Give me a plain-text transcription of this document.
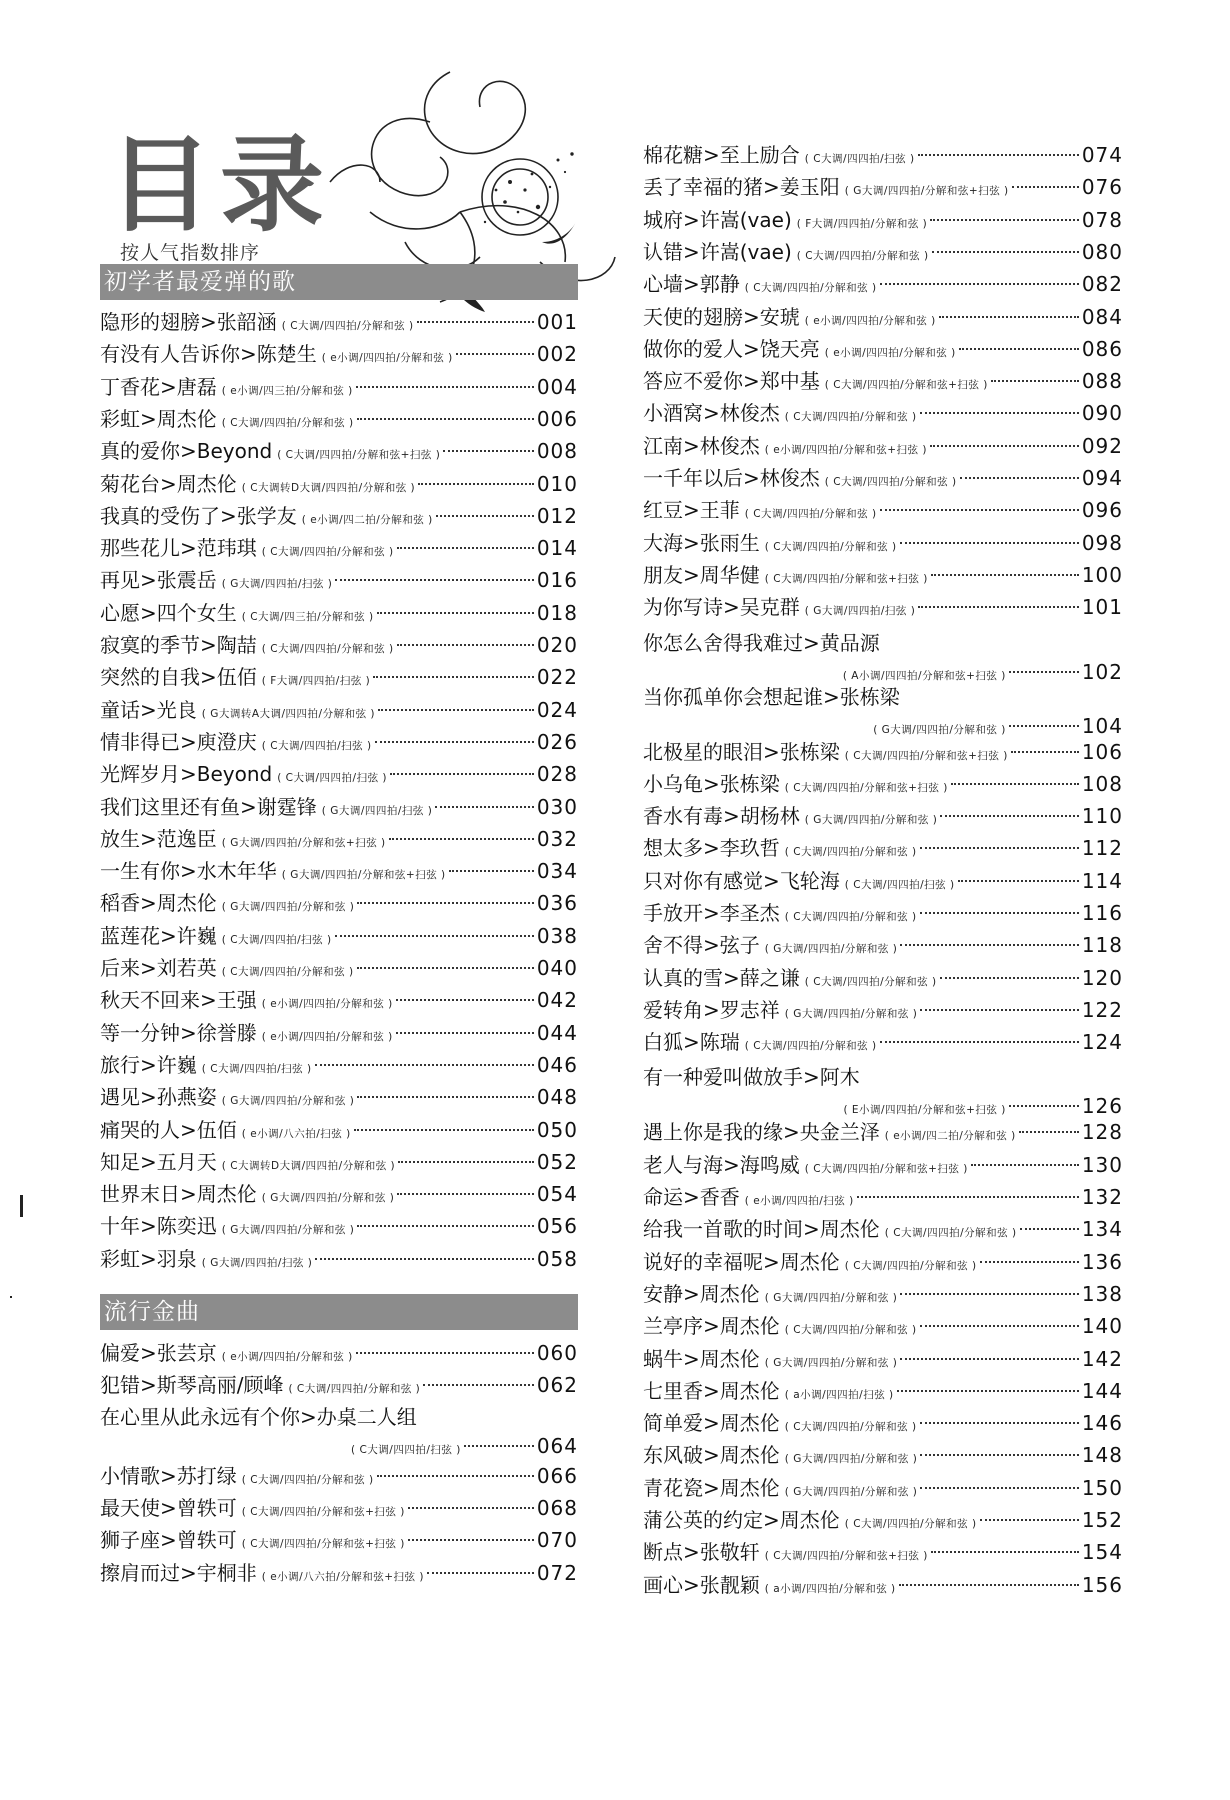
目录
按人气指数排序
初学者最爱弹的歌
流行金曲
隐形的翅膀>张韶涵 ( C大调/四四拍/分解和弦 )	001
有没有人告诉你>陈楚生 ( e小调/四四拍/分解和弦 )	002
丁香花>唐磊 ( e小调/四三拍/分解和弦 )	004
彩虹>周杰伦 ( C大调/四四拍/分解和弦 )	006
真的爱你>Beyond ( C大调/四四拍/分解和弦+扫弦 )	008
菊花台>周杰伦 ( C大调转D大调/四四拍/分解和弦 )	010
我真的受伤了>张学友 ( e小调/四二拍/分解和弦 )	012
那些花儿>范玮琪 ( C大调/四四拍/分解和弦 )	014
再见>张震岳 ( G大调/四四拍/扫弦 )	016
心愿>四个女生 ( C大调/四三拍/分解和弦 )	018
寂寞的季节>陶喆 ( C大调/四四拍/分解和弦 )	020
突然的自我>伍佰 ( F大调/四四拍/扫弦 )	022
童话>光良 ( G大调转A大调/四四拍/分解和弦 )	024
情非得已>庾澄庆 ( C大调/四四拍/扫弦 )	026
光辉岁月>Beyond ( C大调/四四拍/扫弦 )	028
我们这里还有鱼>谢霆锋 ( G大调/四四拍/扫弦 )	030
放生>范逸臣 ( G大调/四四拍/分解和弦+扫弦 )	032
一生有你>水木年华 ( G大调/四四拍/分解和弦+扫弦 )	034
稻香>周杰伦 ( G大调/四四拍/分解和弦 )	036
蓝莲花>许巍 ( C大调/四四拍/扫弦 )	038
后来>刘若英 ( C大调/四四拍/分解和弦 )	040
秋天不回来>王强 ( e小调/四四拍/分解和弦 )	042
等一分钟>徐誉滕 ( e小调/四四拍/分解和弦 )	044
旅行>许巍 ( C大调/四四拍/扫弦 )	046
遇见>孙燕姿 ( G大调/四四拍/分解和弦 )	048
痛哭的人>伍佰 ( e小调/八六拍/扫弦 )	050
知足>五月天 ( C大调转D大调/四四拍/分解和弦 )	052
世界末日>周杰伦 ( G大调/四四拍/分解和弦 )	054
十年>陈奕迅 ( G大调/四四拍/分解和弦 )	056
彩虹>羽泉 ( G大调/四四拍/扫弦 )	058
偏爱>张芸京 ( e小调/四四拍/分解和弦 )	060
犯错>斯琴高丽/顾峰 ( C大调/四四拍/分解和弦 )	062
在心里从此永远有个你>办桌二人组
( C大调/四四拍/扫弦 )	064
小情歌>苏打绿 ( C大调/四四拍/分解和弦 )	066
最天使>曾轶可 ( C大调/四四拍/分解和弦+扫弦 )	068
狮子座>曾轶可 ( C大调/四四拍/分解和弦+扫弦 )	070
擦肩而过>宇桐非 ( e小调/八六拍/分解和弦+扫弦 )	072
棉花糖>至上励合 ( C大调/四四拍/扫弦 )	074
丢了幸福的猪>姜玉阳 ( G大调/四四拍/分解和弦+扫弦 )	076
城府>许嵩(vae) ( F大调/四四拍/分解和弦 )	078
认错>许嵩(vae) ( C大调/四四拍/分解和弦 )	080
心墙>郭静 ( C大调/四四拍/分解和弦 )	082
天使的翅膀>安琥 ( e小调/四四拍/分解和弦 )	084
做你的爱人>饶天亮 ( e小调/四四拍/分解和弦 )	086
答应不爱你>郑中基 ( C大调/四四拍/分解和弦+扫弦 )	088
小酒窝>林俊杰 ( C大调/四四拍/分解和弦 )	090
江南>林俊杰 ( e小调/四四拍/分解和弦+扫弦 )	092
一千年以后>林俊杰 ( C大调/四四拍/分解和弦 )	094
红豆>王菲 ( C大调/四四拍/分解和弦 )	096
大海>张雨生 ( C大调/四四拍/分解和弦 )	098
朋友>周华健 ( C大调/四四拍/分解和弦+扫弦 )	100
为你写诗>吴克群 ( G大调/四四拍/扫弦 )	101
你怎么舍得我难过>黄品源
( A小调/四四拍/分解和弦+扫弦 )	102
当你孤单你会想起谁>张栋梁
( G大调/四四拍/分解和弦 )	104
北极星的眼泪>张栋梁 ( C大调/四四拍/分解和弦+扫弦 )	106
小乌龟>张栋梁 ( C大调/四四拍/分解和弦+扫弦 )	108
香水有毒>胡杨林 ( G大调/四四拍/分解和弦 )	110
想太多>李玖哲 ( C大调/四四拍/分解和弦 )	112
只对你有感觉>飞轮海 ( C大调/四四拍/扫弦 )	114
手放开>李圣杰 ( C大调/四四拍/分解和弦 )	116
舍不得>弦子 ( G大调/四四拍/分解和弦 )	118
认真的雪>薛之谦 ( C大调/四四拍/分解和弦 )	120
爱转角>罗志祥 ( G大调/四四拍/分解和弦 )	122
白狐>陈瑞 ( C大调/四四拍/分解和弦 )	124
有一种爱叫做放手>阿木
( E小调/四四拍/分解和弦+扫弦 )	126
遇上你是我的缘>央金兰泽 ( e小调/四二拍/分解和弦 )	128
老人与海>海鸣威 ( C大调/四四拍/分解和弦+扫弦 )	130
命运>香香 ( e小调/四四拍/扫弦 )	132
给我一首歌的时间>周杰伦 ( C大调/四四拍/分解和弦 )	134
说好的幸福呢>周杰伦 ( C大调/四四拍/分解和弦 )	136
安静>周杰伦 ( G大调/四四拍/分解和弦 )	138
兰亭序>周杰伦 ( C大调/四四拍/分解和弦 )	140
蜗牛>周杰伦 ( G大调/四四拍/分解和弦 )	142
七里香>周杰伦 ( a小调/四四拍/扫弦 )	144
简单爱>周杰伦 ( C大调/四四拍/分解和弦 )	146
东风破>周杰伦 ( G大调/四四拍/分解和弦 )	148
青花瓷>周杰伦 ( G大调/四四拍/分解和弦 )	150
蒲公英的约定>周杰伦 ( C大调/四四拍/分解和弦 )	152
断点>张敬轩 ( C大调/四四拍/分解和弦+扫弦 )	154
画心>张靓颖 ( a小调/四四拍/分解和弦 )	156
